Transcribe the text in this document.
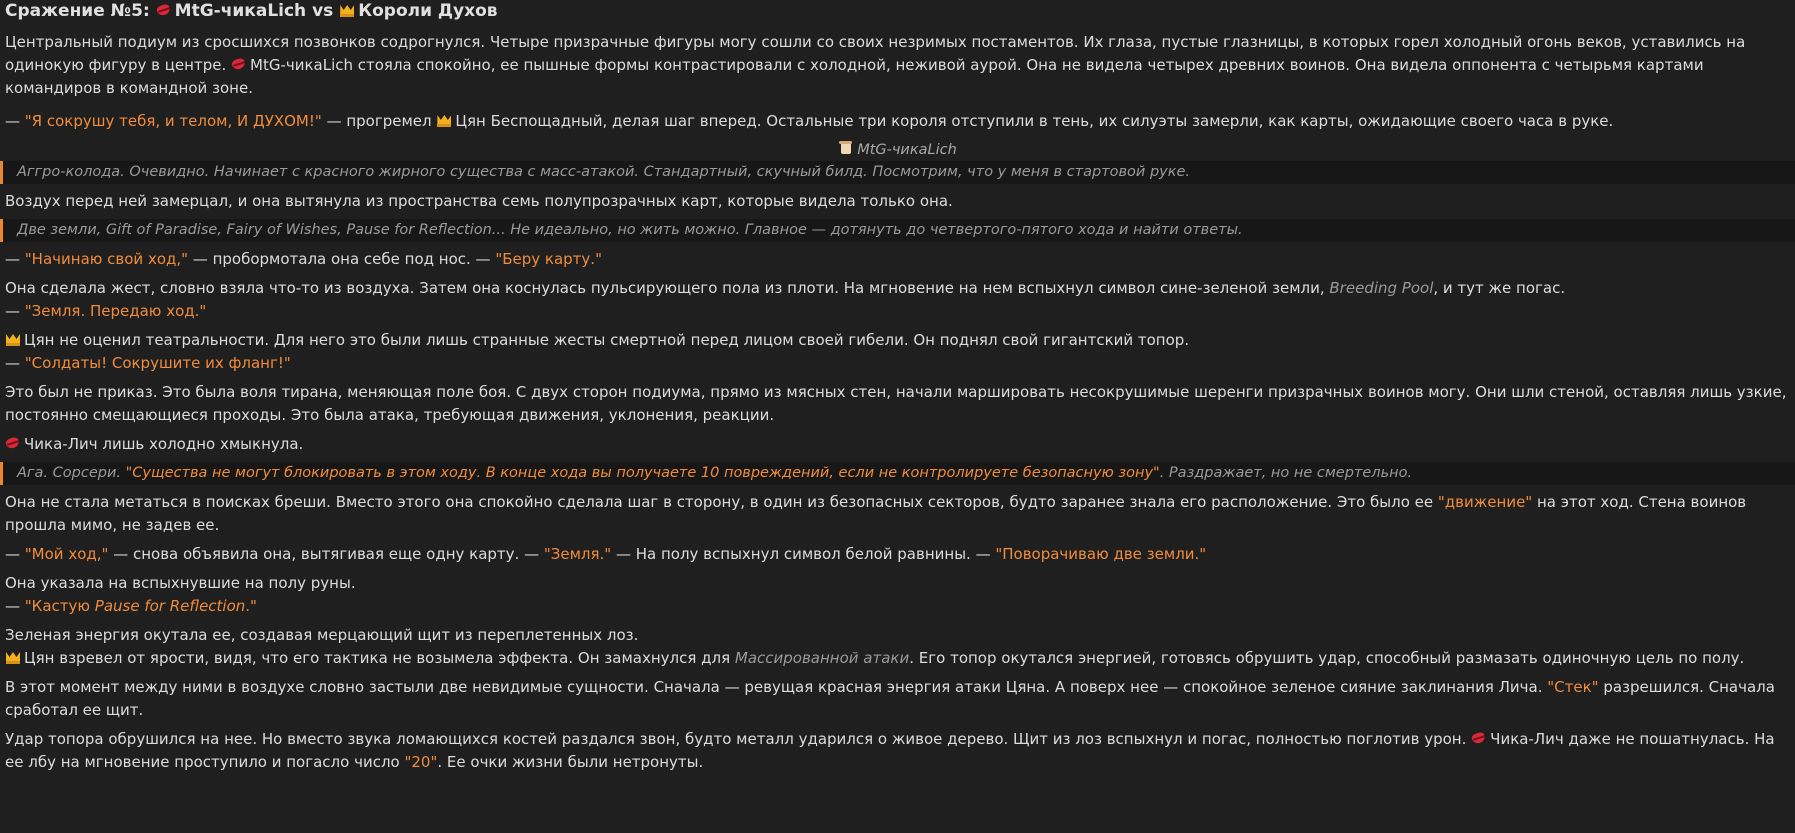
Сражение №5: MtG-чикаLich vs Короли Духов

Центральный подиум из сросшихся позвонков содрогнулся. Четыре призрачные фигуры могу сошли со своих незримых постаментов. Их глаза, пустые глазницы, в которых горел холодный огонь веков, уставились на одинокую фигуру в центре. MtG-чикаLich стояла спокойно, ее пышные формы контрастировали с холодной, неживой аурой. Она не видела четырех древних воинов. Она видела оппонента с четырьмя картами командиров в командной зоне.

— "Я сокрушу тебя, и телом, И ДУХОМ!" — прогремел Цян Беспощадный, делая шаг вперед. Остальные три короля отступили в тень, их силуэты замерли, как карты, ожидающие своего часа в руке.

MtG-чикаLich
Аггро-колода. Очевидно. Начинает с красного жирного существа с масс-атакой. Стандартный, скучный билд. Посмотрим, что у меня в стартовой руке.

Воздух перед ней замерцал, и она вытянула из пространства семь полупрозрачных карт, которые видела только она.

Две земли, Gift of Paradise, Fairy of Wishes, Pause for Reflection... Не идеально, но жить можно. Главное — дотянуть до четвертого-пятого хода и найти ответы.

— "Начинаю свой ход," — пробормотала она себе под нос. — "Беру карту."

Она сделала жест, словно взяла что-то из воздуха. Затем она коснулась пульсирующего пола из плоти. На мгновение на нем вспыхнул символ сине-зеленой земли, Breeding Pool, и тут же погас.

— "Земля. Передаю ход."

Цян не оценил театральности. Для него это были лишь странные жесты смертной перед лицом своей гибели. Он поднял свой гигантский топор.

— "Солдаты! Сокрушите их фланг!"

Это был не приказ. Это была воля тирана, меняющая поле боя. С двух сторон подиума, прямо из мясных стен, начали маршировать несокрушимые шеренги призрачных воинов могу. Они шли стеной, оставляя лишь узкие, постоянно смещающиеся проходы. Это была атака, требующая движения, уклонения, реакции.

Чика-Лич лишь холодно хмыкнула.

Ага. Сорсери. "Существа не могут блокировать в этом ходу. В конце хода вы получаете 10 повреждений, если не контролируете безопасную зону". Раздражает, но не смертельно.

Она не стала метаться в поисках бреши. Вместо этого она спокойно сделала шаг в сторону, в один из безопасных секторов, будто заранее знала его расположение. Это было ее "движение" на этот ход. Стена воинов прошла мимо, не задев ее.

— "Мой ход," — снова объявила она, вытягивая еще одну карту. — "Земля." — На полу вспыхнул символ белой равнины. — "Поворачиваю две земли."

Она указала на вспыхнувшие на полу руны.

— "Кастую Pause for Reflection."

Зеленая энергия окутала ее, создавая мерцающий щит из переплетенных лоз.

Цян взревел от ярости, видя, что его тактика не возымела эффекта. Он замахнулся для Массированной атаки. Его топор окутался энергией, готовясь обрушить удар, способный размазать одиночную цель по полу.

В этот момент между ними в воздухе словно застыли две невидимые сущности. Сначала — ревущая красная энергия атаки Цяна. А поверх нее — спокойное зеленое сияние заклинания Лича. "Стек" разрешился. Сначала сработал ее щит.

Удар топора обрушился на нее. Но вместо звука ломающихся костей раздался звон, будто металл ударился о живое дерево. Щит из лоз вспыхнул и погас, полностью поглотив урон. Чика-Лич даже не пошатнулась. На ее лбу на мгновение проступило и погасло число "20". Ее очки жизни были нетронуты.
